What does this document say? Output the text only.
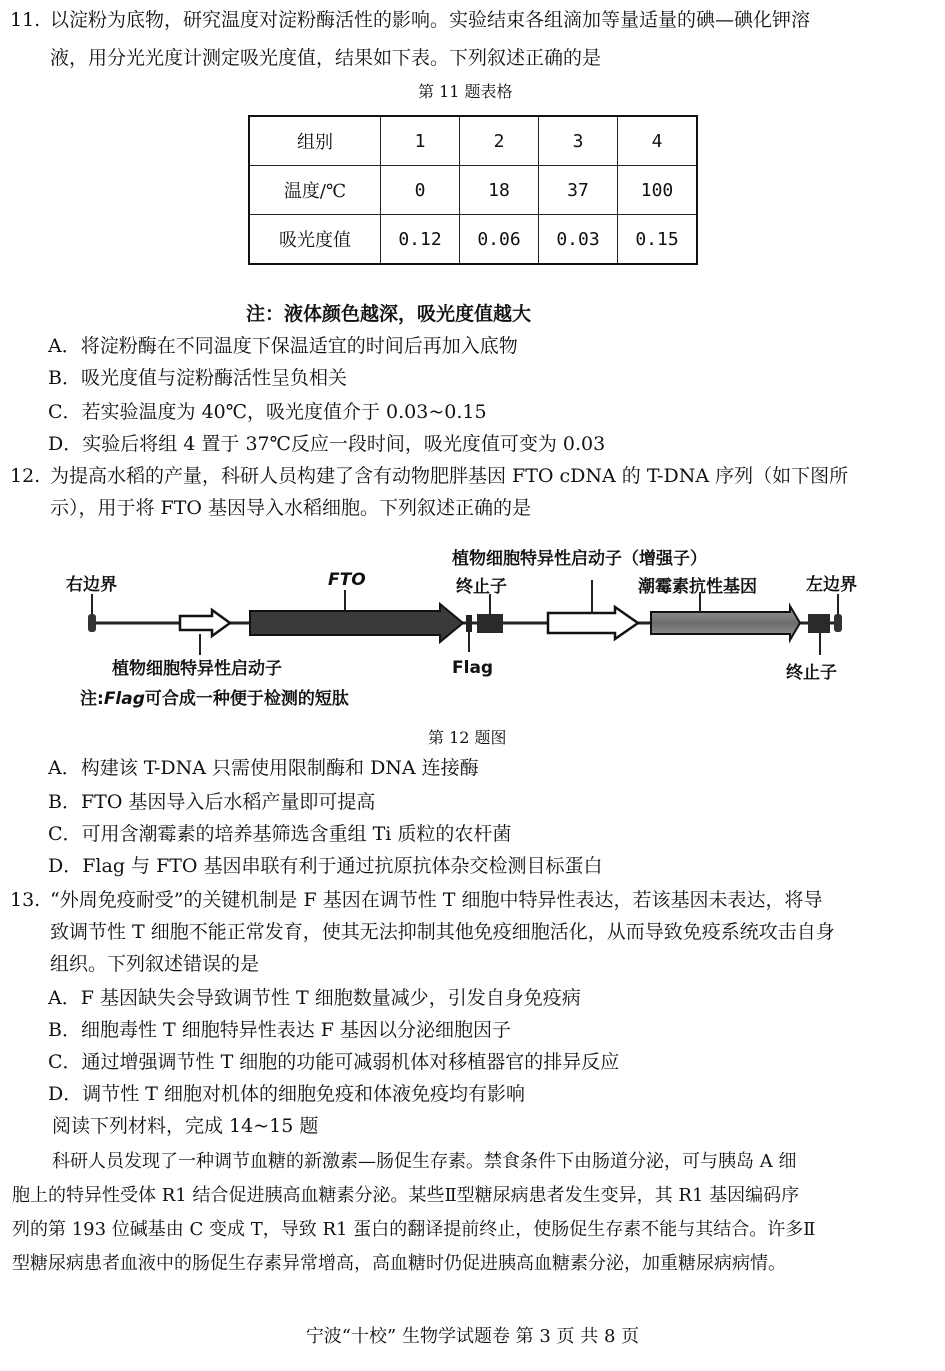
11. 以淀粉为底物，研究温度对淀粉酶活性的影响。实验结束各组滴加等量适量的碘—碘化钾溶
液，用分光光度计测定吸光度值，结果如下表。下列叙述正确的是
第 11 题表格
组别	1	2	3	4
温度/℃	0	18	37	100
吸光度值	0.12	0.06	0.03	0.15
注：液体颜色越深，吸光度值越大
A．将淀粉酶在不同温度下保温适宜的时间后再加入底物
B．吸光度值与淀粉酶活性呈负相关
C．若实验温度为 40℃，吸光度值介于 0.03~0.15
D．实验后将组 4 置于 37℃反应一段时间，吸光度值可变为 0.03
12. 为提高水稻的产量，科研人员构建了含有动物肥胖基因 FTO cDNA 的 T-DNA 序列（如下图所
示），用于将 FTO 基因导入水稻细胞。下列叙述正确的是
右边界	FTO
植物细胞特异性启动子（增强子）
终止子	潮霉素抗性基因	左边界
植物细胞特异性启动子	Flag	终止子
注:Flag可合成一种便于检测的短肽
第 12 题图
A．构建该 T-DNA 只需使用限制酶和 DNA 连接酶
B．FTO 基因导入后水稻产量即可提高
C．可用含潮霉素的培养基筛选含重组 Ti 质粒的农杆菌
D．Flag 与 FTO 基因串联有利于通过抗原抗体杂交检测目标蛋白
13. “外周免疫耐受”的关键机制是 F 基因在调节性 T 细胞中特异性表达，若该基因未表达，将导
致调节性 T 细胞不能正常发育，使其无法抑制其他免疫细胞活化，从而导致免疫系统攻击自身
组织。下列叙述错误的是
A．F 基因缺失会导致调节性 T 细胞数量减少，引发自身免疫病
B．细胞毒性 T 细胞特异性表达 F 基因以分泌细胞因子
C．通过增强调节性 T 细胞的功能可减弱机体对移植器官的排异反应
D．调节性 T 细胞对机体的细胞免疫和体液免疫均有影响
阅读下列材料，完成 14~15 题
科研人员发现了一种调节血糖的新激素—肠促生存素。禁食条件下由肠道分泌，可与胰岛 A 细
胞上的特异性受体 R1 结合促进胰高血糖素分泌。某些Ⅱ型糖尿病患者发生变异，其 R1 基因编码序
列的第 193 位碱基由 C 变成 T，导致 R1 蛋白的翻译提前终止，使肠促生存素不能与其结合。许多Ⅱ
型糖尿病患者血液中的肠促生存素异常增高，高血糖时仍促进胰高血糖素分泌，加重糖尿病病情。
宁波“十校” 生物学试题卷 第 3 页 共 8 页
